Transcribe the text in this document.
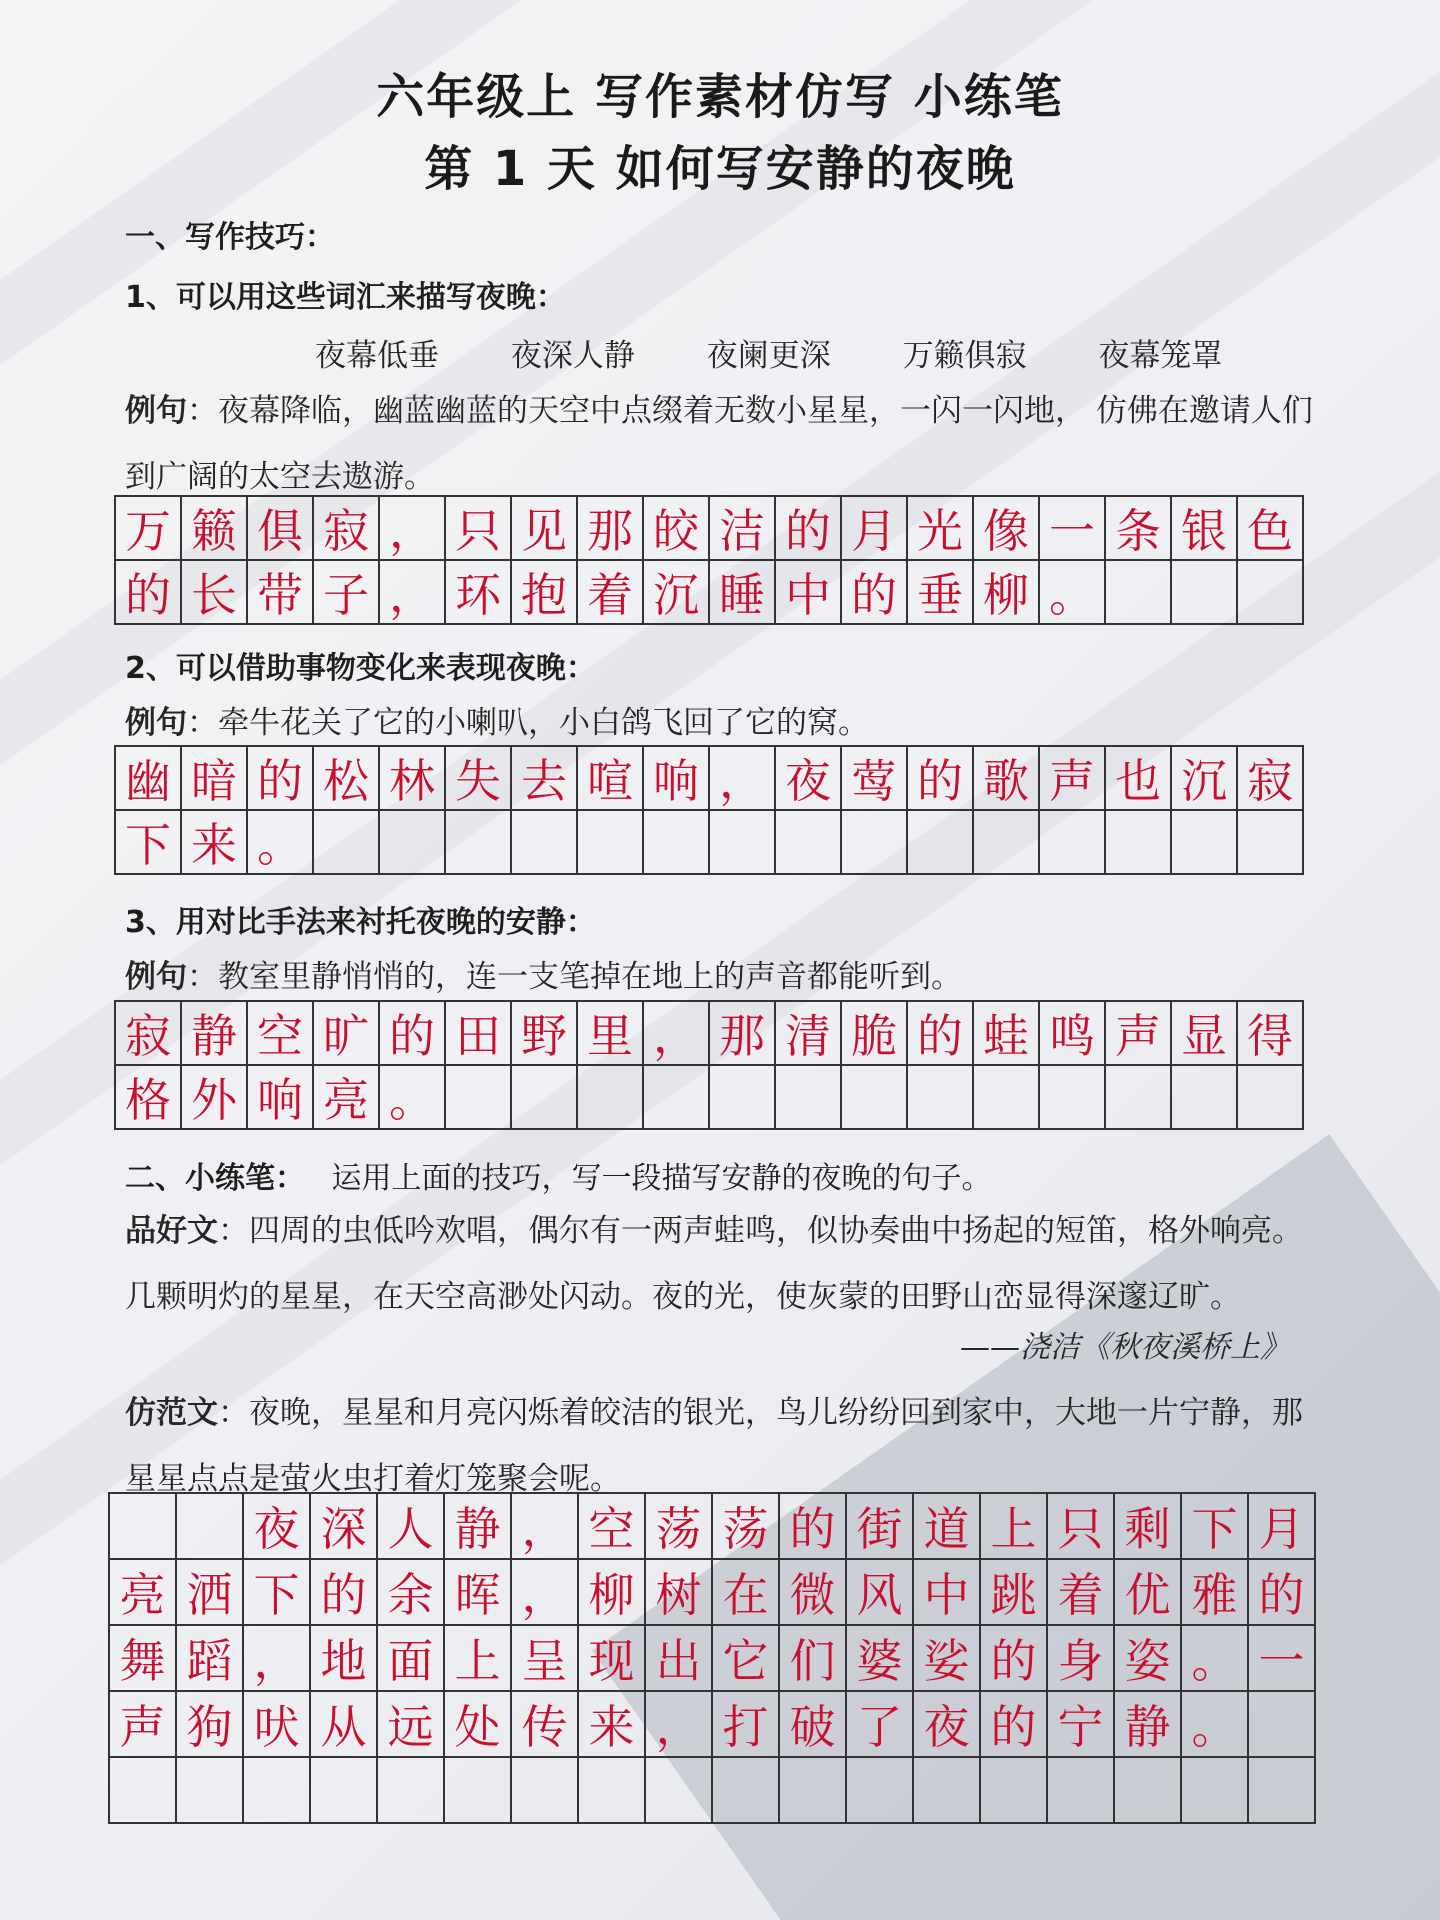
六年级上 写作素材仿写 小练笔
第 1 天 如何写安静的夜晚
一、写作技巧：
1、可以用这些词汇来描写夜晚：
夜幕低垂 夜深人静 夜阑更深 万籁俱寂 夜幕笼罩
例句：夜幕降临，幽蓝幽蓝的天空中点缀着无数小星星，一闪一闪地， 仿佛在邀请人们到广阔的太空去遨游。
万 籁 俱 寂 ， 只 见 那 皎 洁 的 月 光 像 一 条 银 色
的 长 带 子 ， 环 抱 着 沉 睡 中 的 垂 柳 。
2、可以借助事物变化来表现夜晚：
例句：牵牛花关了它的小喇叭，小白鸽飞回了它的窝。
幽 暗 的 松 林 失 去 喧 响 ， 夜 莺 的 歌 声 也 沉 寂
下 来 。
3、用对比手法来衬托夜晚的安静：
例句：教室里静悄悄的，连一支笔掉在地上的声音都能听到。
寂 静 空 旷 的 田 野 里 ， 那 清 脆 的 蛙 鸣 声 显 得
格 外 响 亮 。
二、小练笔： 运用上面的技巧，写一段描写安静的夜晚的句子。
品好文：四周的虫低吟欢唱，偶尔有一两声蛙鸣，似协奏曲中扬起的短笛，格外响亮。几颗明灼的星星，在天空高渺处闪动。夜的光，使灰蒙的田野山峦显得深邃辽旷。
——浇洁《秋夜溪桥上》
仿范文：夜晚，星星和月亮闪烁着皎洁的银光，鸟儿纷纷回到家中，大地一片宁静，那星星点点是萤火虫打着灯笼聚会呢。
夜 深 人 静 ， 空 荡 荡 的 街 道 上 只 剩 下 月
亮 洒 下 的 余 晖 ， 柳 树 在 微 风 中 跳 着 优 雅 的
舞 蹈 ， 地 面 上 呈 现 出 它 们 婆 娑 的 身 姿 。 一
声 狗 吠 从 远 处 传 来 ， 打 破 了 夜 的 宁 静 。
